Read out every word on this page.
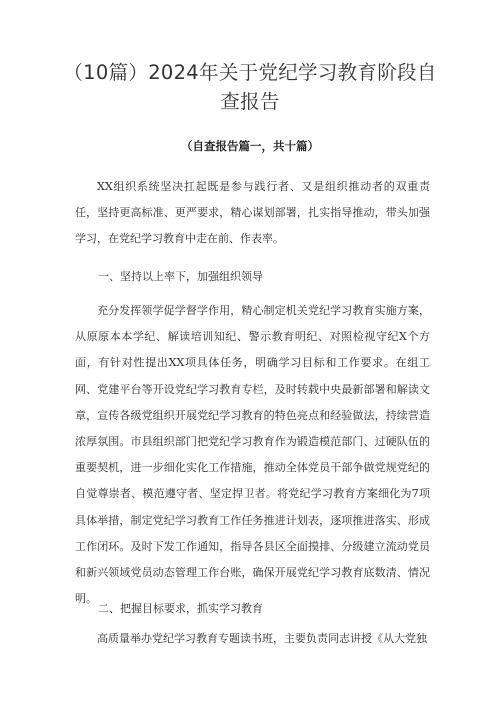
（10篇）2024年关于党纪学习教育阶段自查报告
（自查报告篇一，共十篇）
XX组织系统坚决扛起既是参与践行者、又是组织推动者的双重责任，坚持更高标准、更严要求，精心谋划部署，扎实指导推动，带头加强学习，在党纪学习教育中走在前、作表率。
一、坚持以上率下，加强组织领导
充分发挥领学促学督学作用，精心制定机关党纪学习教育实施方案，从原原本本学纪、解读培训知纪、警示教育明纪、对照检视守纪X个方面，有针对性提出XX项具体任务，明确学习目标和工作要求。在组工网、党建平台等开设党纪学习教育专栏，及时转载中央最新部署和解读文章，宣传各级党组织开展党纪学习教育的特色亮点和经验做法，持续营造浓厚氛围。市县组织部门把党纪学习教育作为锻造模范部门、过硬队伍的重要契机，进一步细化实化工作措施，推动全体党员干部争做党规党纪的自觉尊崇者、模范遵守者、坚定捍卫者。将党纪学习教育方案细化为7项具体举措，制定党纪学习教育工作任务推进计划表，逐项推进落实、形成工作闭环。及时下发工作通知，指导各县区全面摸排、分级建立流动党员和新兴领域党员动态管理工作台账，确保开展党纪学习教育底数清、情况明。
二、把握目标要求，抓实学习教育
高质量举办党纪学习教育专题读书班，主要负责同志讲授《从大党独
